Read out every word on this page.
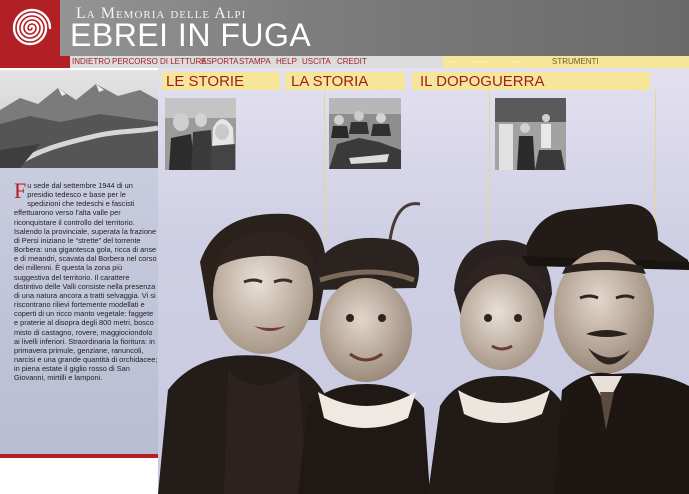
La Memoria delle Alpi
EBREI IN FUGA
INDIETRO PERCORSO DI LETTURA
ESPORTA STAMPA HELP USCITA CREDIT	----- -------	-----	STRUMENTI
Fu sede dal settembre 1944 di un presidio tedesco e base per le spedizioni che tedeschi e fascisti effettuarono verso l’alta valle per riconquistare il controllo del territorio. Isalendo la provinciale, superata la frazione di Persi iniziano le “strette” del torrente Borbera: una gigantesca gola, ricca di anse e di meandri, scavata dal Borbera nel corso dei millenni. È questa la zona più suggestiva del territorio. Il carattere distintivo delle Valli consiste nella presenza di una natura ancora a tratti selvaggia. Vi si riscontrano rilievi fortemente modellati e coperti di un ricco manto vegetale: faggete e praterie al disopra degli 800 metri, bosco misto di castagno, rovere, maggiociondolo ai livelli inferiori. Straordinaria la fioritura: in primavera primule, genziane, ranuncoli, narcisi e una grande quantità di orchidacee; in piena estate il giglio rosso di San Giovanni, mirtilli e lamponi.
LE STORIE	LA STORIA	IL DOPOGUERRA
